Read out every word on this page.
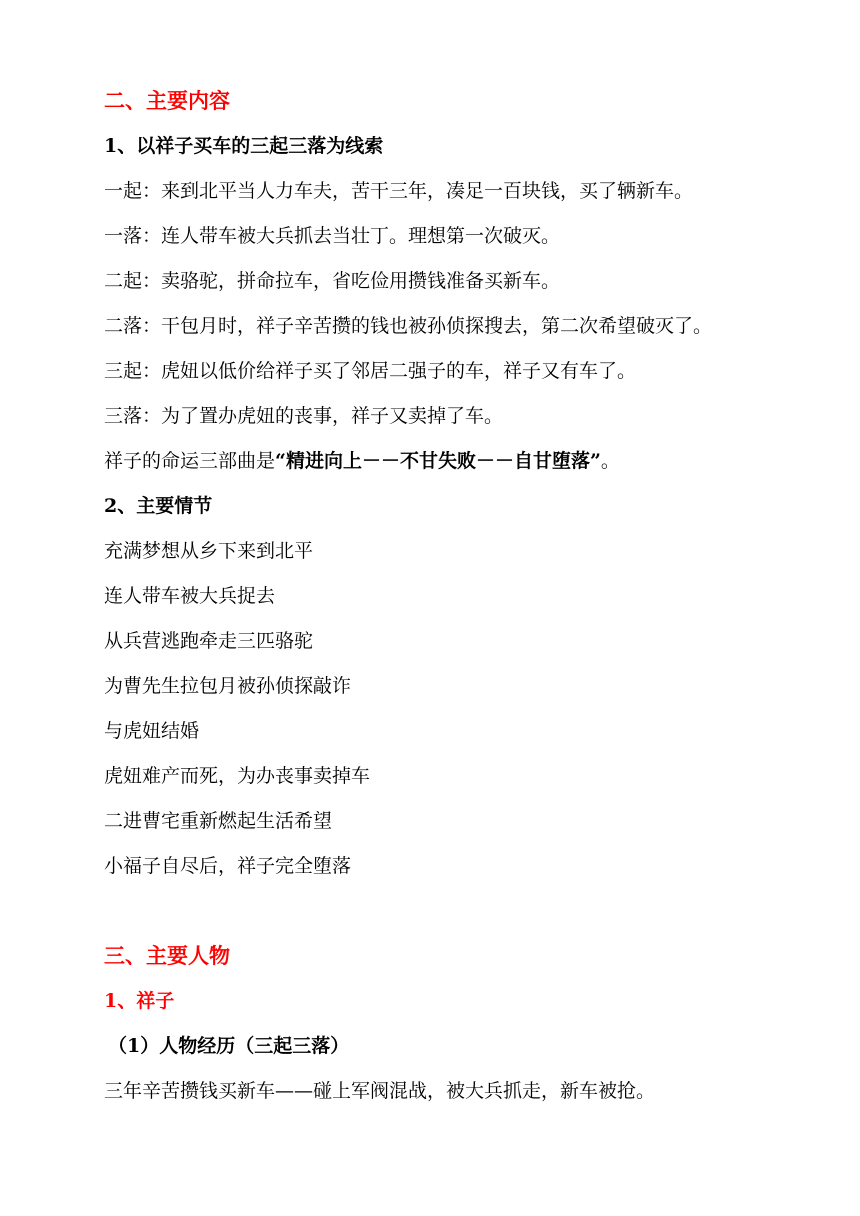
二、主要内容
1、以祥子买车的三起三落为线索
一起：来到北平当人力车夫，苦干三年，凑足一百块钱，买了辆新车。
一落：连人带车被大兵抓去当壮丁。理想第一次破灭。
二起：卖骆驼，拼命拉车，省吃俭用攒钱准备买新车。
二落：干包月时，祥子辛苦攒的钱也被孙侦探搜去，第二次希望破灭了。
三起：虎妞以低价给祥子买了邻居二强子的车，祥子又有车了。
三落：为了置办虎妞的丧事，祥子又卖掉了车。
祥子的命运三部曲是“精进向上－－不甘失败－－自甘堕落”。
2、主要情节
充满梦想从乡下来到北平
连人带车被大兵捉去
从兵营逃跑牵走三匹骆驼
为曹先生拉包月被孙侦探敲诈
与虎妞结婚
虎妞难产而死，为办丧事卖掉车
二进曹宅重新燃起生活希望
小福子自尽后，祥子完全堕落
三、主要人物
1、祥子
（1）人物经历（三起三落）
三年辛苦攒钱买新车——碰上军阀混战，被大兵抓走，新车被抢。
